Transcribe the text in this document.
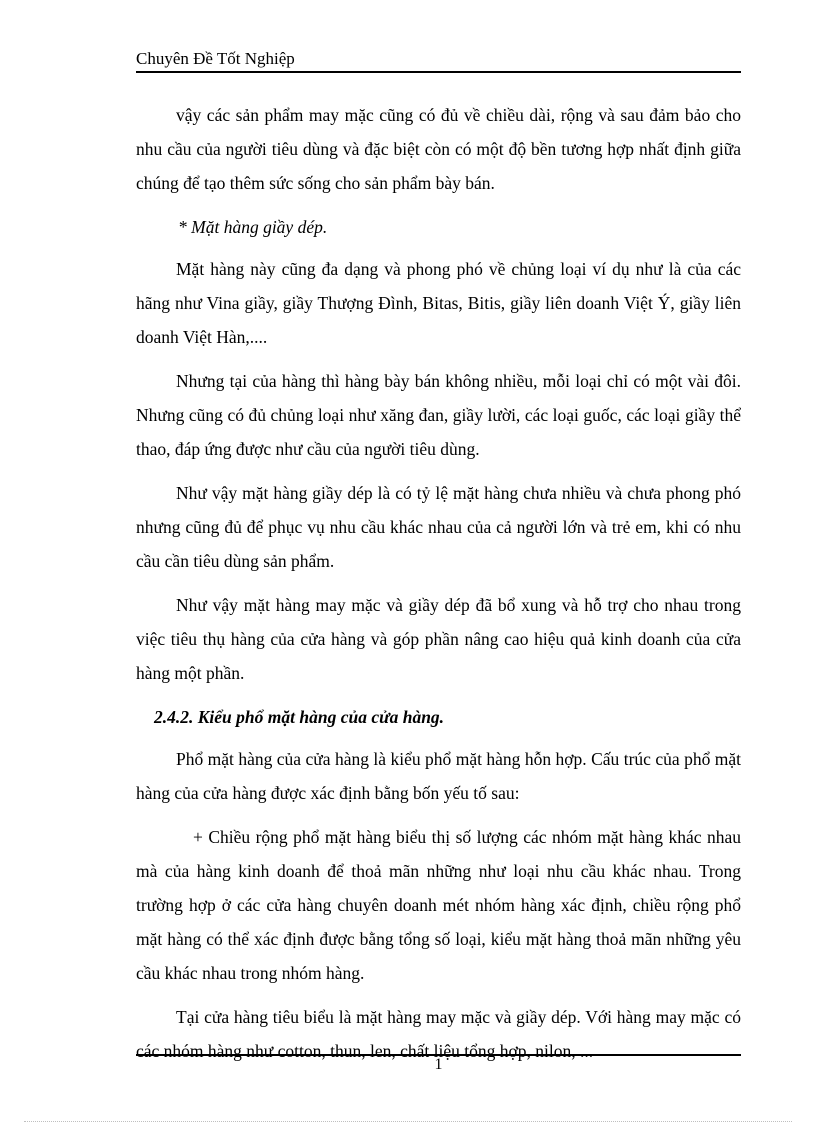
Chuyên Đề Tốt Nghiệp

vậy các sản phẩm may mặc cũng có đủ về chiều dài, rộng và sau đảm bảo cho nhu cầu của người tiêu dùng và đặc biệt còn có một độ bền tương hợp nhất định giữa chúng để tạo thêm sức sống cho sản phẩm bày bán.

* Mặt hàng giầy dép.

Mặt hàng này cũng đa dạng và phong phó về chủng loại ví dụ như là của các hãng như Vina giầy, giầy Thượng Đình, Bitas, Bitis, giầy liên doanh Việt Ý, giầy liên doanh Việt Hàn,....

Nhưng tại của hàng thì hàng bày bán không nhiều, mỗi loại chỉ có một vài đôi. Nhưng cũng có đủ chủng loại như xăng đan, giầy lười, các loại guốc, các loại giầy thể thao, đáp ứng được như cầu của người tiêu dùng.

Như vậy mặt hàng giầy dép là có tỷ lệ mặt hàng chưa nhiều và chưa phong phó nhưng cũng đủ để phục vụ nhu cầu khác nhau của cả người lớn và trẻ em, khi có nhu cầu cần tiêu dùng sản phẩm.

Như vậy mặt hàng may mặc và giầy dép đã bổ xung và hỗ trợ cho nhau trong việc tiêu thụ hàng của cửa hàng và góp phần nâng cao hiệu quả kinh doanh của cửa hàng một phần.

2.4.2. Kiểu phổ mặt hàng của cửa hàng.

Phổ mặt hàng của cửa hàng là kiểu phổ mặt hàng hỗn hợp. Cấu trúc của phổ mặt hàng của cửa hàng được xác định bằng bốn yếu tố sau:

+ Chiều rộng phổ mặt hàng biểu thị số lượng các nhóm mặt hàng khác nhau mà của hàng kinh doanh để thoả mãn những như loại nhu cầu khác nhau. Trong trường hợp ở các cửa hàng chuyên doanh mét nhóm hàng xác định, chiều rộng phổ mặt hàng có thể xác định được bằng tổng số loại, kiểu mặt hàng thoả mãn những yêu cầu khác nhau trong nhóm hàng.

Tại cửa hàng tiêu biểu là mặt hàng may mặc và giầy dép. Với hàng may mặc có các nhóm hàng như cotton, thun, len, chất liệu tổng hợp, nilon, ...

1
